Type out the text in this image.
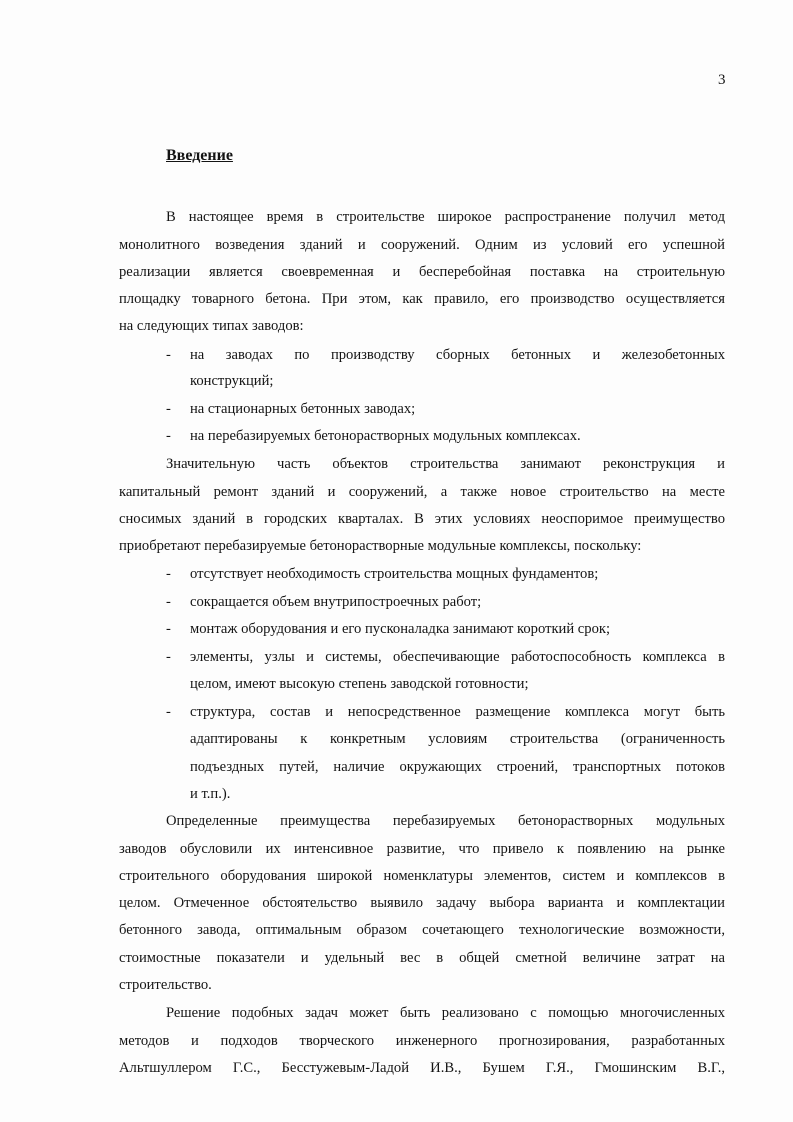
3
Введение
В настоящее время в строительстве широкое распространение получил метод
монолитного возведения зданий и сооружений. Одним из условий его успешной
реализации является своевременная и бесперебойная поставка на строительную
площадку товарного бетона. При этом, как правило, его производство осуществляется
на следующих типах заводов:
- на заводах по производству сборных бетонных и железобетонных
конструкций;
- на стационарных бетонных заводах;
- на перебазируемых бетонорастворных модульных комплексах.
Значительную часть объектов строительства занимают реконструкция и
капитальный ремонт зданий и сооружений, а также новое строительство на месте
сносимых зданий в городских кварталах. В этих условиях неоспоримое преимущество
приобретают перебазируемые бетонорастворные модульные комплексы, поскольку:
- отсутствует необходимость строительства мощных фундаментов;
- сокращается объем внутрипостроечных работ;
- монтаж оборудования и его пусконаладка занимают короткий срок;
- элементы, узлы и системы, обеспечивающие работоспособность комплекса в
целом, имеют высокую степень заводской готовности;
- структура, состав и непосредственное размещение комплекса могут быть
адаптированы к конкретным условиям строительства (ограниченность
подъездных путей, наличие окружающих строений, транспортных потоков
и т.п.).
Определенные преимущества перебазируемых бетонорастворных модульных
заводов обусловили их интенсивное развитие, что привело к появлению на рынке
строительного оборудования широкой номенклатуры элементов, систем и комплексов в
целом. Отмеченное обстоятельство выявило задачу выбора варианта и комплектации
бетонного завода, оптимальным образом сочетающего технологические возможности,
стоимостные показатели и удельный вес в общей сметной величине затрат на
строительство.
Решение подобных задач может быть реализовано с помощью многочисленных
методов и подходов творческого инженерного прогнозирования, разработанных
Альтшуллером Г.С., Бесстужевым-Ладой И.В., Бушем Г.Я., Гмошинским В.Г.,
